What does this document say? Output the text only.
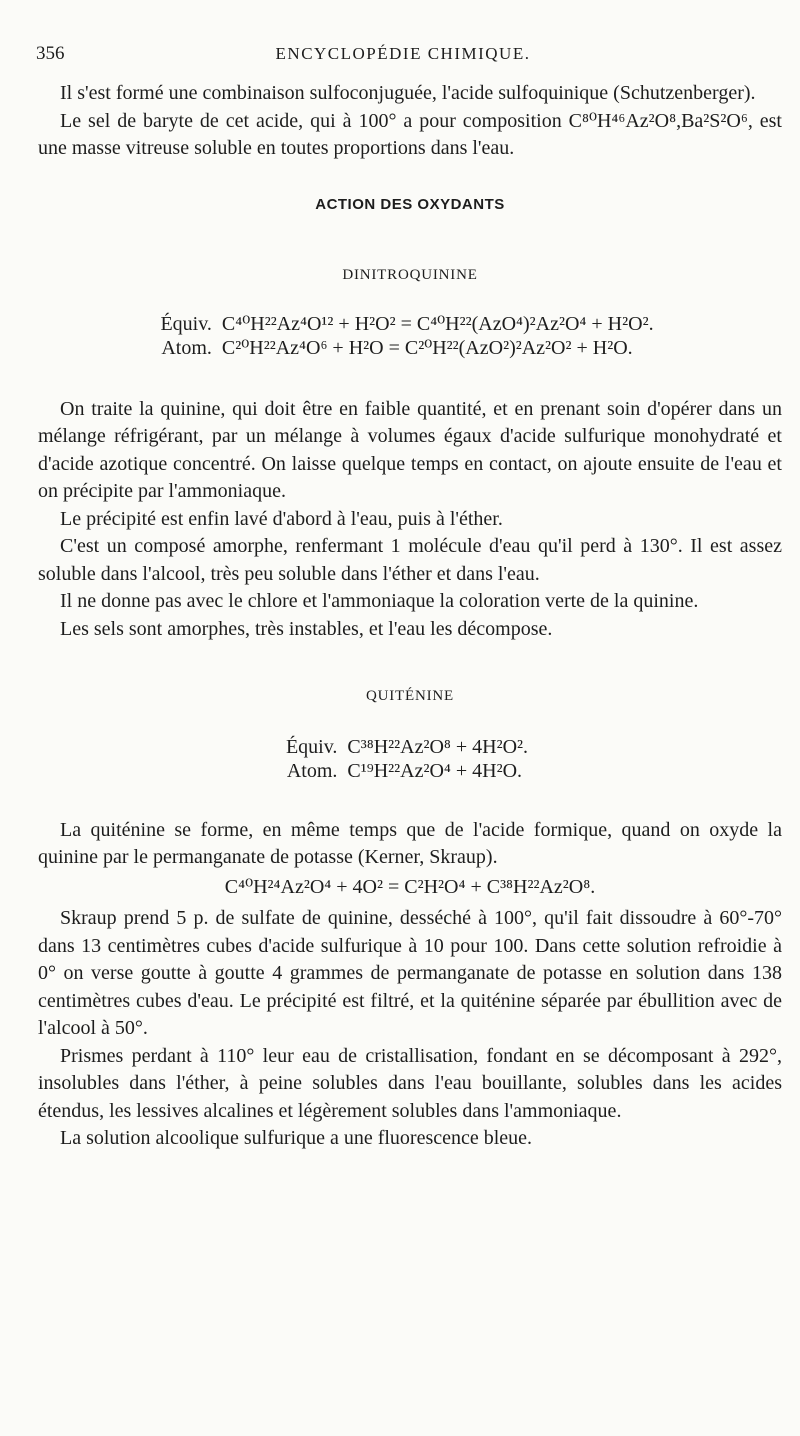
356	ENCYCLOPÉDIE CHIMIQUE.

Il s'est formé une combinaison sulfoconjuguée, l'acide sulfoquinique (Schutzenberger).

Le sel de baryte de cet acide, qui à 100° a pour composition C⁸⁰H⁴⁶Az²O⁸,Ba²S²O⁶, est une masse vitreuse soluble en toutes proportions dans l'eau.

ACTION DES OXYDANTS
DINITROQUININE
Équiv.	C⁴⁰H²²Az⁴O¹² + H²O² = C⁴⁰H²²(AzO⁴)²Az²O⁴ + H²O².
Atom.	C²⁰H²²Az⁴O⁶ + H²O = C²⁰H²²(AzO²)²Az²O² + H²O.

On traite la quinine, qui doit être en faible quantité, et en prenant soin d'opérer dans un mélange réfrigérant, par un mélange à volumes égaux d'acide sulfurique monohydraté et d'acide azotique concentré. On laisse quelque temps en contact, on ajoute ensuite de l'eau et on précipite par l'ammoniaque.

Le précipité est enfin lavé d'abord à l'eau, puis à l'éther.

C'est un composé amorphe, renfermant 1 molécule d'eau qu'il perd à 130°. Il est assez soluble dans l'alcool, très peu soluble dans l'éther et dans l'eau.

Il ne donne pas avec le chlore et l'ammoniaque la coloration verte de la quinine.

Les sels sont amorphes, très instables, et l'eau les décompose.

QUITÉNINE
Équiv.	C³⁸H²²Az²O⁸ + 4H²O².
Atom.	C¹⁹H²²Az²O⁴ + 4H²O.

La quiténine se forme, en même temps que de l'acide formique, quand on oxyde la quinine par le permanganate de potasse (Kerner, Skraup).

C⁴⁰H²⁴Az²O⁴ + 4O² = C²H²O⁴ + C³⁸H²²Az²O⁸.

Skraup prend 5 p. de sulfate de quinine, desséché à 100°, qu'il fait dissoudre à 60°-70° dans 13 centimètres cubes d'acide sulfurique à 10 pour 100. Dans cette solution refroidie à 0° on verse goutte à goutte 4 grammes de permanganate de potasse en solution dans 138 centimètres cubes d'eau. Le précipité est filtré, et la quiténine séparée par ébullition avec de l'alcool à 50°.

Prismes perdant à 110° leur eau de cristallisation, fondant en se décomposant à 292°, insolubles dans l'éther, à peine solubles dans l'eau bouillante, solubles dans les acides étendus, les lessives alcalines et légèrement solubles dans l'ammoniaque.

La solution alcoolique sulfurique a une fluorescence bleue.
